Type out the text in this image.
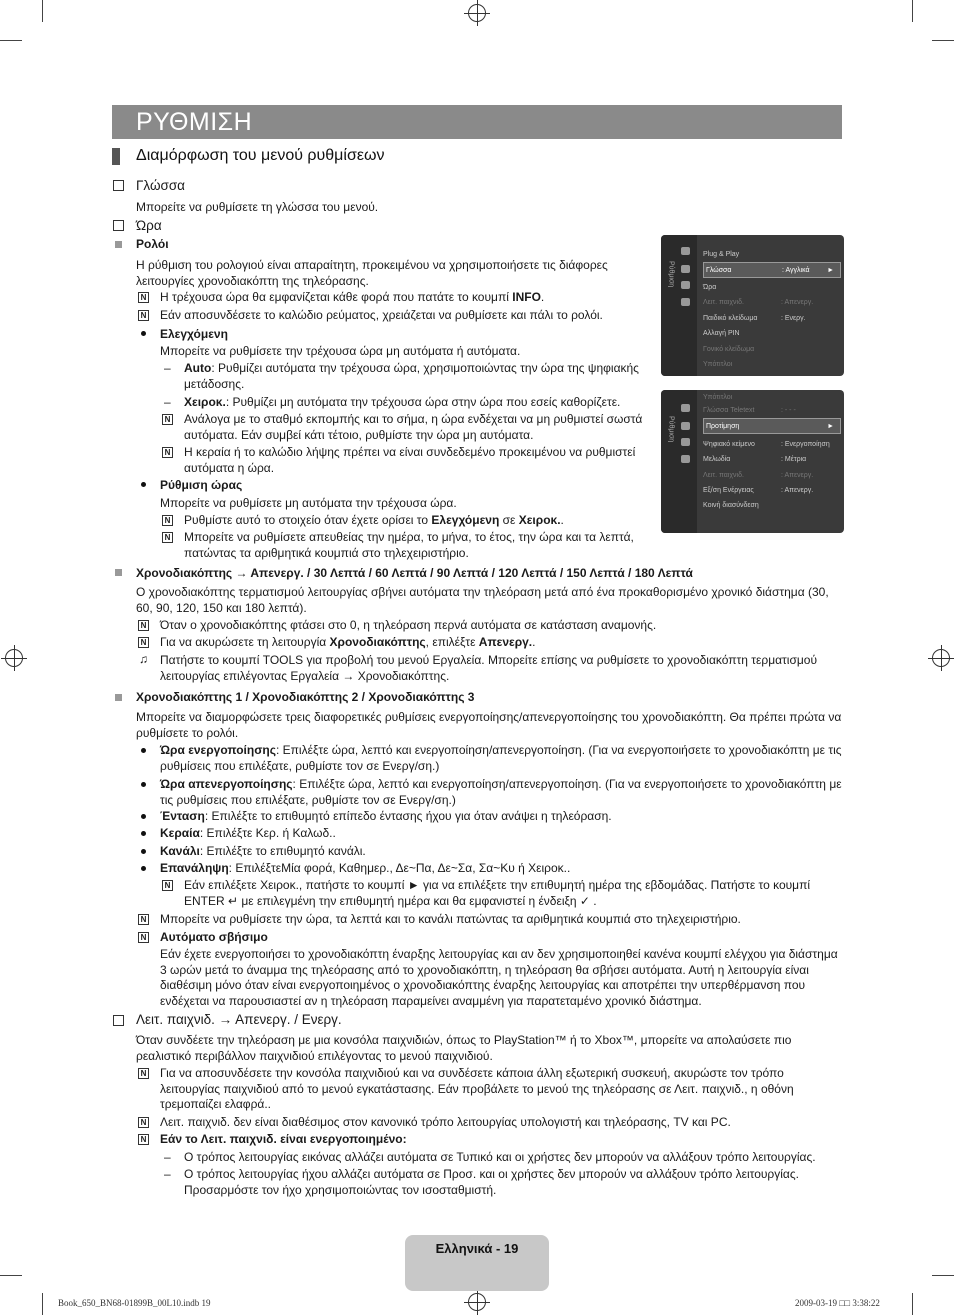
ΡΥΘΜΙΣΗ
Διαμόρφωση του μενού ρυθμίσεων
Γλώσσα
Μπορείτε να ρυθμίσετε τη γλώσσα του μενού.
Ώρα
Ρολόι
Η ρύθμιση του ρολογιού είναι απαραίτητη, προκειμένου να χρησιμοποιήσετε τις διάφορες λειτουργίες χρονοδιακόπτη της τηλεόρασης.
N Η τρέχουσα ώρα θα εμφανίζεται κάθε φορά που πατάτε το κουμπί INFO.
N Εάν αποσυνδέσετε το καλώδιο ρεύματος, χρειάζεται να ρυθμίσετε και πάλι το ρολόι.
Ελεγχόμενη
Μπορείτε να ρυθμίσετε την τρέχουσα ώρα μη αυτόματα ή αυτόματα.
– Auto: Ρυθμίζει αυτόματα την τρέχουσα ώρα, χρησιμοποιώντας την ώρα της ψηφιακής μετάδοσης.
– Χειροκ.: Ρυθμίζει μη αυτόματα την τρέχουσα ώρα στην ώρα που εσείς καθορίζετε.
N Ανάλογα με το σταθμό εκπομπής και το σήμα, η ώρα ενδέχεται να μη ρυθμιστεί σωστά αυτόματα. Εάν συμβεί κάτι τέτοιο, ρυθμίστε την ώρα μη αυτόματα.
N Η κεραία ή το καλώδιο λήψης πρέπει να είναι συνδεδεμένο προκειμένου να ρυθμιστεί αυτόματα η ώρα.
Ρύθμιση ώρας
Μπορείτε να ρυθμίσετε μη αυτόματα την τρέχουσα ώρα.
N Ρυθμίστε αυτό το στοιχείο όταν έχετε ορίσει το Ελεγχόμενη σε Χειροκ..
N Μπορείτε να ρυθμίσετε απευθείας την ημέρα, το μήνα, το έτος, την ώρα και τα λεπτά, πατώντας τα αριθμητικά κουμπιά στο τηλεχειριστήριο.
Ρύθμιση
Plug & Play
Γλώσσα	: Αγγλικά	►
Ώρα
Λειτ. παιχνιδ.	: Απενεργ.
Παιδικό κλείδωμα	: Ενεργ.
Αλλαγή PIN
Γονικό κλείδωμα
Υπότιτλοι
Ρύθμιση
Υπότιτλοι
Γλώσσα Teletext	: - - -
Προτίμηση	►
Ψηφιακό κείμενο	: Ενεργοποίηση
Μελωδία	: Μέτρια
Λειτ. παιχνιδ.	: Απενεργ.
Εξ/ση Ενέργειας	: Απενεργ.
Κοινή διασύνδεση
Χρονοδιακόπτης → Απενεργ. / 30 Λεπτά / 60 Λεπτά / 90 Λεπτά / 120 Λεπτά / 150 Λεπτά / 180 Λεπτά
Ο χρονοδιακόπτης τερματισμού λειτουργίας σβήνει αυτόματα την τηλεόραση μετά από ένα προκαθορισμένο χρονικό διάστημα (30, 60, 90, 120, 150 και 180 λεπτά).
N Όταν ο χρονοδιακόπτης φτάσει στο 0, η τηλεόραση περνά αυτόματα σε κατάσταση αναμονής.
N Για να ακυρώσετε τη λειτουργία Χρονοδιακόπτης, επιλέξτε Απενεργ..
♫ Πατήστε το κουμπί TOOLS για προβολή του μενού Εργαλεία. Μπορείτε επίσης να ρυθμίσετε το χρονοδιακόπτη τερματισμού λειτουργίας επιλέγοντας Εργαλεία → Χρονοδιακόπτης.
Χρονοδιακόπτης 1 / Χρονοδιακόπτης 2 / Χρονοδιακόπτης 3
Μπορείτε να διαμορφώσετε τρεις διαφορετικές ρυθμίσεις ενεργοποίησης/απενεργοποίησης του χρονοδιακόπτη. Θα πρέπει πρώτα να ρυθμίσετε το ρολόι.
Ώρα ενεργοποίησης: Επιλέξτε ώρα, λεπτό και ενεργοποίηση/απενεργοποίηση. (Για να ενεργοποιήσετε το χρονοδιακόπτη με τις ρυθμίσεις που επιλέξατε, ρυθμίστε τον σε Ενεργ/ση.)
Ώρα απενεργοποίησης: Επιλέξτε ώρα, λεπτό και ενεργοποίηση/απενεργοποίηση. (Για να ενεργοποιήσετε το χρονοδιακόπτη με τις ρυθμίσεις που επιλέξατε, ρυθμίστε τον σε Ενεργ/ση.)
Ένταση: Επιλέξτε το επιθυμητό επίπεδο έντασης ήχου για όταν ανάψει η τηλεόραση.
Κεραία: Επιλέξτε Κερ. ή Καλωδ..
Κανάλι: Επιλέξτε το επιθυμητό κανάλι.
Επανάληψη: ΕπιλέξτεΜία φορά, Καθημερ., Δε~Πα, Δε~Σα, Σα~Κυ ή Χειροκ..
N Εάν επιλέξετε Χειροκ., πατήστε το κουμπί ► για να επιλέξετε την επιθυμητή ημέρα της εβδομάδας. Πατήστε το κουμπί ENTER ↵ με επιλεγμένη την επιθυμητή ημέρα και θα εμφανιστεί η ένδειξη ✓ .
N Μπορείτε να ρυθμίσετε την ώρα, τα λεπτά και το κανάλι πατώντας τα αριθμητικά κουμπιά στο τηλεχειριστήριο.
N Αυτόματο σβήσιμο
Εάν έχετε ενεργοποιήσει το χρονοδιακόπτη έναρξης λειτουργίας και αν δεν χρησιμοποιηθεί κανένα κουμπί ελέγχου για διάστημα 3 ωρών μετά το άναμμα της τηλεόρασης από το χρονοδιακόπτη, η τηλεόραση θα σβήσει αυτόματα. Αυτή η λειτουργία είναι διαθέσιμη μόνο όταν είναι ενεργοποιημένος ο χρονοδιακόπτης έναρξης λειτουργίας και αποτρέπει την υπερθέρμανση που ενδέχεται να παρουσιαστεί αν η τηλεόραση παραμείνει αναμμένη για παρατεταμένο χρονικό διάστημα.
Λειτ. παιχνιδ. → Απενεργ. / Ενεργ.
Όταν συνδέετε την τηλεόραση με μια κονσόλα παιχνιδιών, όπως το PlayStation™ ή το Xbox™, μπορείτε να απολαύσετε πιο ρεαλιστικό περιβάλλον παιχνιδιού επιλέγοντας το μενού παιχνιδιού.
N Για να αποσυνδέσετε την κονσόλα παιχνιδιού και να συνδέσετε κάποια άλλη εξωτερική συσκευή, ακυρώστε τον τρόπο λειτουργίας παιχνιδιού από το μενού εγκατάστασης. Εάν προβάλετε το μενού της τηλεόρασης σε Λειτ. παιχνιδ., η οθόνη τρεμοπαίζει ελαφρά..
N Λειτ. παιχνιδ. δεν είναι διαθέσιμος στον κανονικό τρόπο λειτουργίας υπολογιστή και τηλεόρασης, TV και PC.
N Εάν το Λειτ. παιχνιδ. είναι ενεργοποιημένο:
– Ο τρόπος λειτουργίας εικόνας αλλάζει αυτόματα σε Τυπικό και οι χρήστες δεν μπορούν να αλλάξουν τρόπο λειτουργίας.
– Ο τρόπος λειτουργίας ήχου αλλάζει αυτόματα σε Προσ. και οι χρήστες δεν μπορούν να αλλάξουν τρόπο λειτουργίας. Προσαρμόστε τον ήχο χρησιμοποιώντας τον ισοσταθμιστή.
Ελληνικά - 19
Book_650_BN68-01899B_00L10.indb 19	2009-03-19 □□ 3:38:22
